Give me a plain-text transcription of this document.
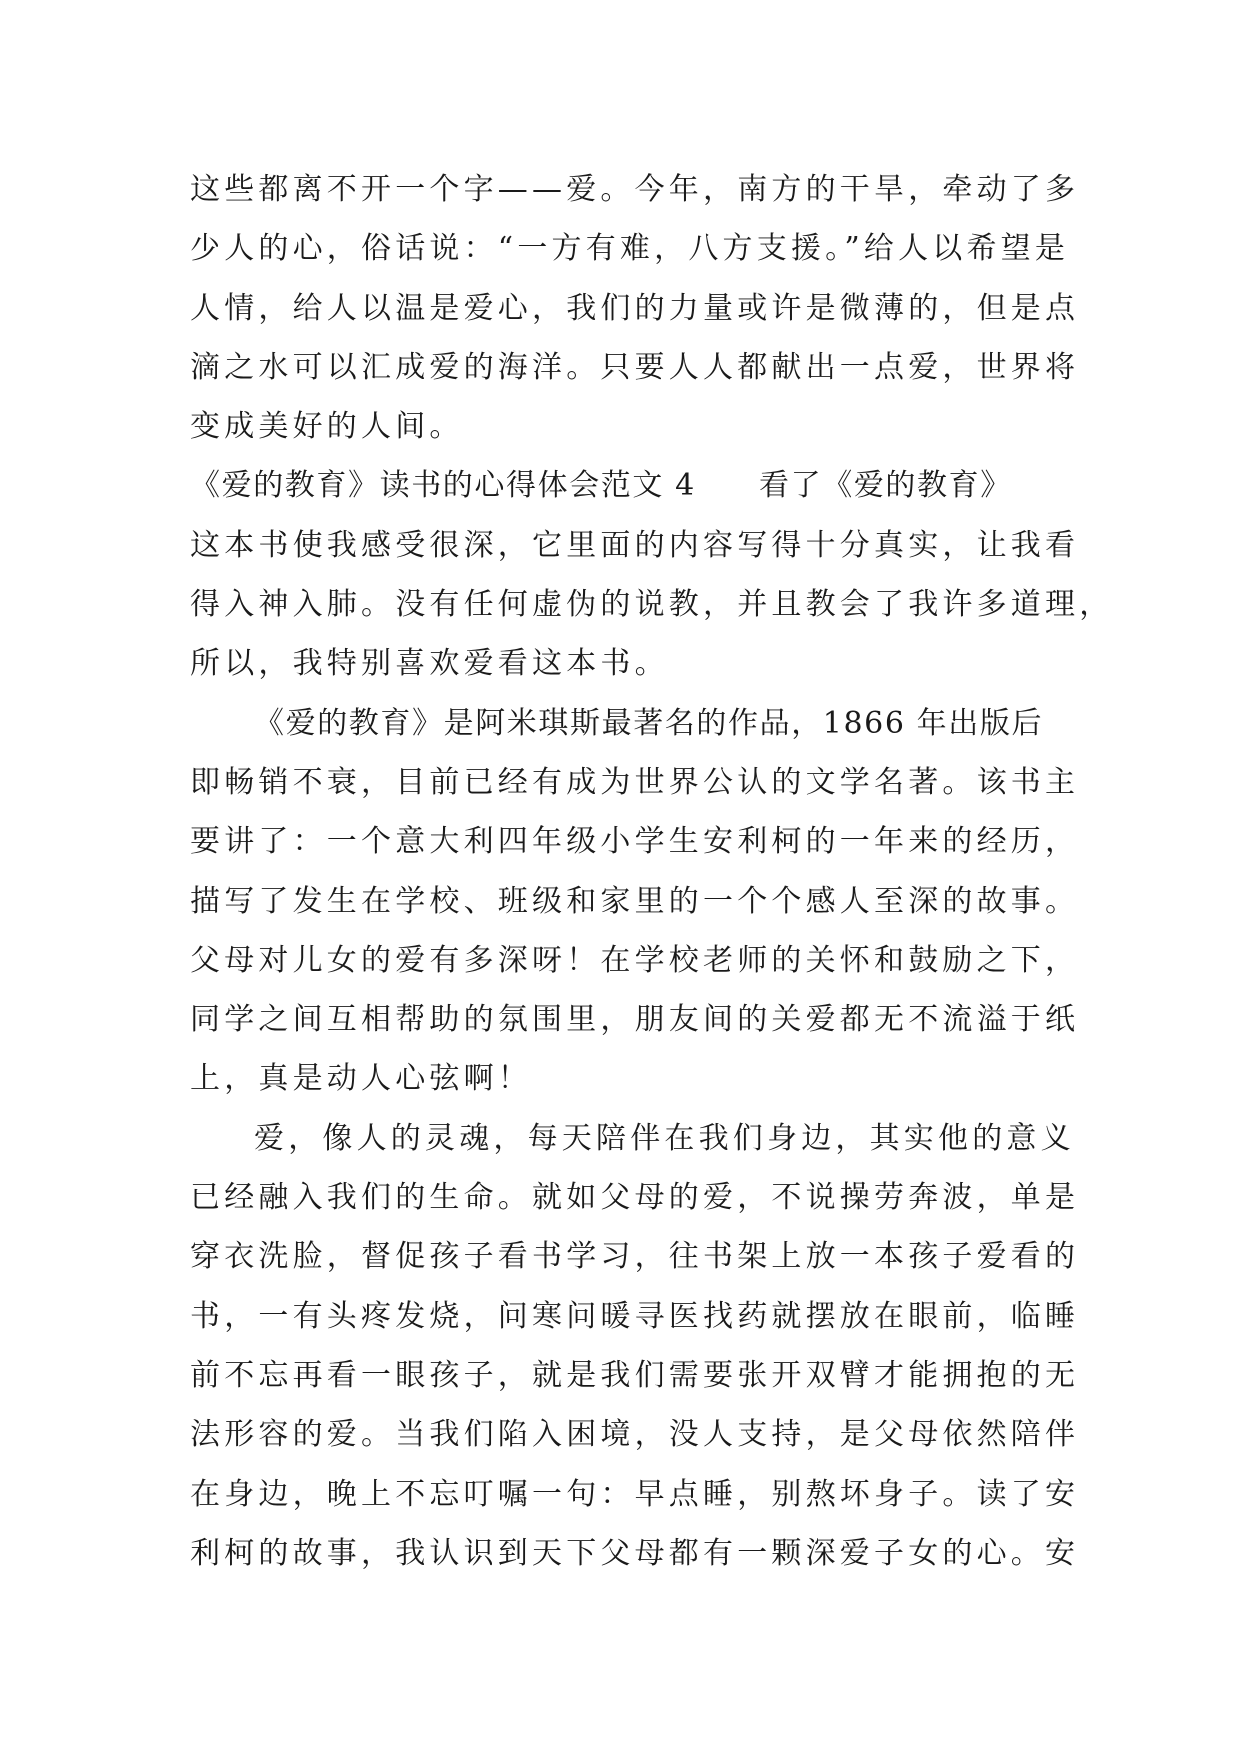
这些都离不开一个字——爱。今年，南方的干旱，牵动了多
少人的心，俗话说：“一方有难，八方支援。”给人以希望是
人情，给人以温是爱心，我们的力量或许是微薄的，但是点
滴之水可以汇成爱的海洋。只要人人都献出一点爱，世界将
变成美好的人间。
《爱的教育》读书的心得体会范文 4　　看了《爱的教育》
这本书使我感受很深，它里面的内容写得十分真实，让我看
得入神入肺。没有任何虚伪的说教，并且教会了我许多道理，
所以，我特别喜欢爱看这本书。
《爱的教育》是阿米琪斯最著名的作品，1866 年出版后
即畅销不衰，目前已经有成为世界公认的文学名著。该书主
要讲了：一个意大利四年级小学生安利柯的一年来的经历，
描写了发生在学校、班级和家里的一个个感人至深的故事。
父母对儿女的爱有多深呀！在学校老师的关怀和鼓励之下，
同学之间互相帮助的氛围里，朋友间的关爱都无不流溢于纸
上，真是动人心弦啊！
爱，像人的灵魂，每天陪伴在我们身边，其实他的意义
已经融入我们的生命。就如父母的爱，不说操劳奔波，单是
穿衣洗脸，督促孩子看书学习，往书架上放一本孩子爱看的
书，一有头疼发烧，问寒问暖寻医找药就摆放在眼前，临睡
前不忘再看一眼孩子，就是我们需要张开双臂才能拥抱的无
法形容的爱。当我们陷入困境，没人支持，是父母依然陪伴
在身边，晚上不忘叮嘱一句：早点睡，别熬坏身子。读了安
利柯的故事，我认识到天下父母都有一颗深爱子女的心。安
